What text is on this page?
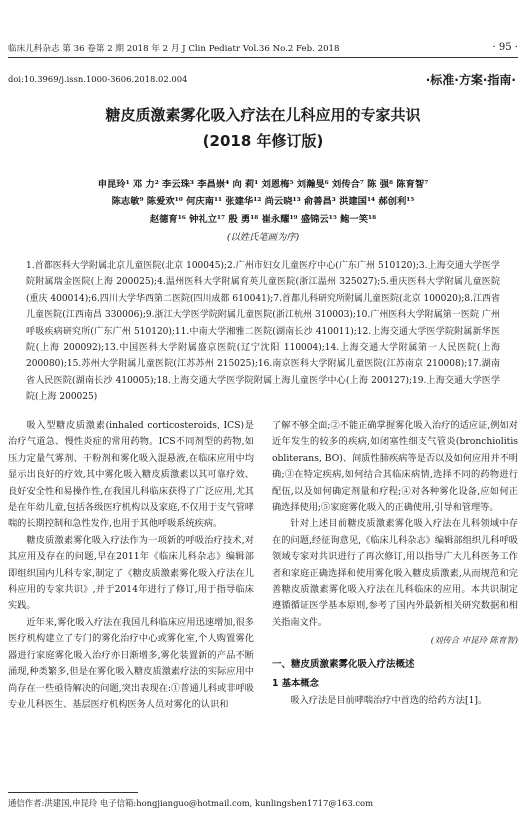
临床儿科杂志 第 36 卷第 2 期 2018 年 2 月 J Clin Pediatr Vol.36 No.2 Feb. 2018	· 95 ·
doi:10.3969/j.issn.1000-3606.2018.02.004	·标准·方案·指南·
糖皮质激素雾化吸入疗法在儿科应用的专家共识
(2018 年修订版)
申昆玲¹ 邓 力² 李云珠³ 李昌崇⁴ 向 莉¹ 刘恩梅⁵ 刘瀚旻⁶ 刘传合⁷ 陈 强⁸ 陈育智⁷
陈志敏⁹ 陈爱欢¹⁰ 何庆南¹¹ 张建华¹² 尚云晓¹³ 俞善昌³ 洪建国¹⁴ 郝创利¹⁵
赵德育¹⁶ 钟礼立¹⁷ 殷 勇¹⁸ 崔永耀¹⁹ 盛锦云¹⁵ 鲍一笑¹⁸
(以姓氏笔画为序)
1.首都医科大学附属北京儿童医院(北京 100045);2.广州市妇女儿童医疗中心(广东广州 510120);3.上海交通大学医学院附属瑞金医院(上海 200025);4.温州医科大学附属育英儿童医院(浙江温州 325027);5.重庆医科大学附属儿童医院(重庆 400014);6.四川大学华西第二医院(四川成都 610041);7.首都儿科研究所附属儿童医院(北京 100020);8.江西省儿童医院(江西南昌 330006);9.浙江大学医学院附属儿童医院(浙江杭州 310003);10.广州医科大学附属第一医院 广州呼吸疾病研究所(广东广州 510120);11.中南大学湘雅二医院(湖南长沙 410011);12.上海交通大学医学院附属新华医院(上海 200092);13.中国医科大学附属盛京医院(辽宁沈阳 110004);14.上海交通大学附属第一人民医院(上海 200080);15.苏州大学附属儿童医院(江苏苏州 215025);16.南京医科大学附属儿童医院(江苏南京 210008);17.湖南省人民医院(湖南长沙 410005);18.上海交通大学医学院附属上海儿童医学中心(上海 200127);19.上海交通大学医学院(上海 200025)

吸入型糖皮质激素(inhaled corticosteroids, ICS)是治疗气道急、慢性炎症的常用药物。ICS不同剂型的药物,如压力定量气雾剂、干粉剂和雾化吸入混悬液,在临床应用中均显示出良好的疗效,其中雾化吸入糖皮质激素以其可靠疗效、良好安全性和易操作性,在我国儿科临床获得了广泛应用,尤其是在年幼儿童,包括各级医疗机构以及家庭,不仅用于支气管哮喘的长期控制和急性发作,也用于其他呼吸系统疾病。

糖皮质激素雾化吸入疗法作为一项新的呼吸治疗技术,对其应用及存在的问题,早在2011年《临床儿科杂志》编辑部即组织国内儿科专家,制定了《糖皮质激素雾化吸入疗法在儿科应用的专家共识》,并于2014年进行了修订,用于指导临床实践。

近年来,雾化吸入疗法在我国儿科临床应用迅速增加,很多医疗机构建立了专门的雾化治疗中心或雾化室,个人购置雾化器进行家庭雾化吸入治疗亦日渐增多,雾化装置新的产品不断涌现,种类繁多,但是在雾化吸入糖皮质激素疗法的实际应用中尚存在一些亟待解决的问题,突出表现在:①普通儿科或非呼吸专业儿科医生、基层医疗机构医务人员对雾化的认识和

了解不够全面;②不能正确掌握雾化吸入治疗的适应证,例如对近年发生的较多的疾病,如闭塞性细支气管炎(bronchiolitis obliterans, BO)、间质性肺疾病等是否以及如何应用并不明确;③在特定疾病,如何结合其临床病情,选择不同的药物进行配伍,以及如何确定剂量和疗程;④对各种雾化设备,应如何正确选择使用;⑤家庭雾化吸入的正确使用,引导和管理等。

针对上述目前糖皮质激素雾化吸入疗法在儿科领域中存在的问题,经征询意见,《临床儿科杂志》编辑部组织儿科呼吸领域专家对共识进行了再次修订,用以指导广大儿科医务工作者和家庭正确选择和使用雾化吸入糖皮质激素,从而规范和完善糖皮质激素雾化吸入疗法在儿科临床的应用。本共识制定遵循循证医学基本原则,参考了国内外最新相关研究数据和相关指南文件。

(刘传合 申昆玲 陈育智)
一、糖皮质激素雾化吸入疗法概述
1 基本概念

吸入疗法是目前哮喘治疗中首选的给药方法[1]。

通信作者:洪建国,申昆玲 电子信箱:hongjianguo@hotmail.com, kunlingshen1717@163.com
